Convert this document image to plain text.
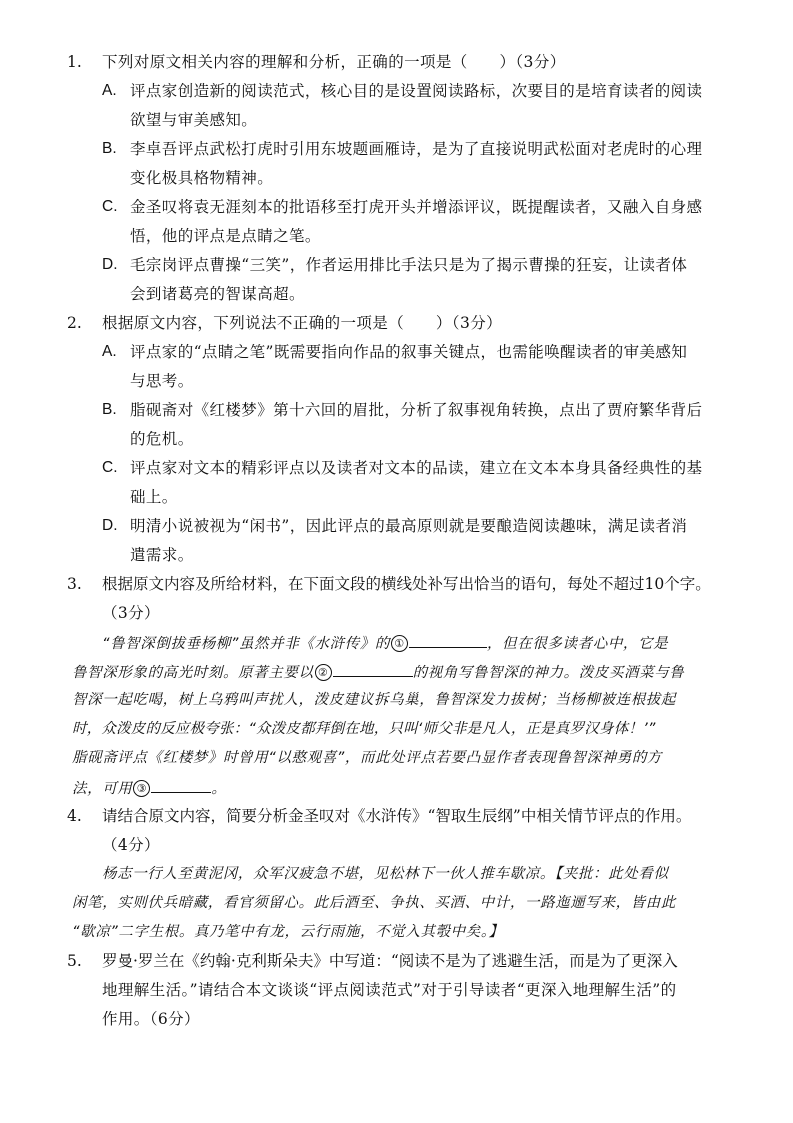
1. 下列对原文相关内容的理解和分析，正确的一项是（　　）（3分）
A. 评点家创造新的阅读范式，核心目的是设置阅读路标，次要目的是培育读者的阅读
欲望与审美感知。
B. 李卓吾评点武松打虎时引用东坡题画雁诗，是为了直接说明武松面对老虎时的心理
变化极具格物精神。
C. 金圣叹将袁无涯刻本的批语移至打虎开头并增添评议，既提醒读者，又融入自身感
悟，他的评点是点睛之笔。
D. 毛宗岗评点曹操“三笑”，作者运用排比手法只是为了揭示曹操的狂妄，让读者体
会到诸葛亮的智谋高超。
2. 根据原文内容，下列说法不正确的一项是（　　）（3分）
A. 评点家的“点睛之笔”既需要指向作品的叙事关键点，也需能唤醒读者的审美感知
与思考。
B. 脂砚斋对《红楼梦》第十六回的眉批，分析了叙事视角转换，点出了贾府繁华背后
的危机。
C. 评点家对文本的精彩评点以及读者对文本的品读，建立在文本本身具备经典性的基
础上。
D. 明清小说被视为“闲书”，因此评点的最高原则就是要酿造阅读趣味，满足读者消
遣需求。
3. 根据原文内容及所给材料，在下面文段的横线处补写出恰当的语句，每处不超过10个字。
（3分）
“鲁智深倒拔垂杨柳”虽然并非《水浒传》的 ①	，但在很多读者心中，它是
鲁智深形象的高光时刻。原著主要以 ②	的视角写鲁智深的神力。泼皮买酒菜与鲁
智深一起吃喝，树上乌鸦叫声扰人，泼皮建议拆乌巢，鲁智深发力拔树；当杨柳被连根拔起
时，众泼皮的反应极夸张：“众泼皮都拜倒在地，只叫‘师父非是凡人，正是真罗汉身体！’”
脂砚斋评点《红楼梦》时曾用“以憨观喜”，而此处评点若要凸显作者表现鲁智深神勇的方
法，可用 ③	。
4. 请结合原文内容，简要分析金圣叹对《水浒传》“智取生辰纲”中相关情节评点的作用。
（4分）
杨志一行人至黄泥冈，众军汉疲急不堪，见松林下一伙人推车歇凉。【夹批：此处看似
闲笔，实则伏兵暗藏，看官须留心。此后酒至、争执、买酒、中计，一路迤逦写来，皆由此
“歇凉”二字生根。真乃笔中有龙，云行雨施，不觉入其彀中矣。】
5. 罗曼·罗兰在《约翰·克利斯朵夫》中写道：“阅读不是为了逃避生活，而是为了更深入
地理解生活。”请结合本文谈谈“评点阅读范式”对于引导读者“更深入地理解生活”的
作用。（6分）
